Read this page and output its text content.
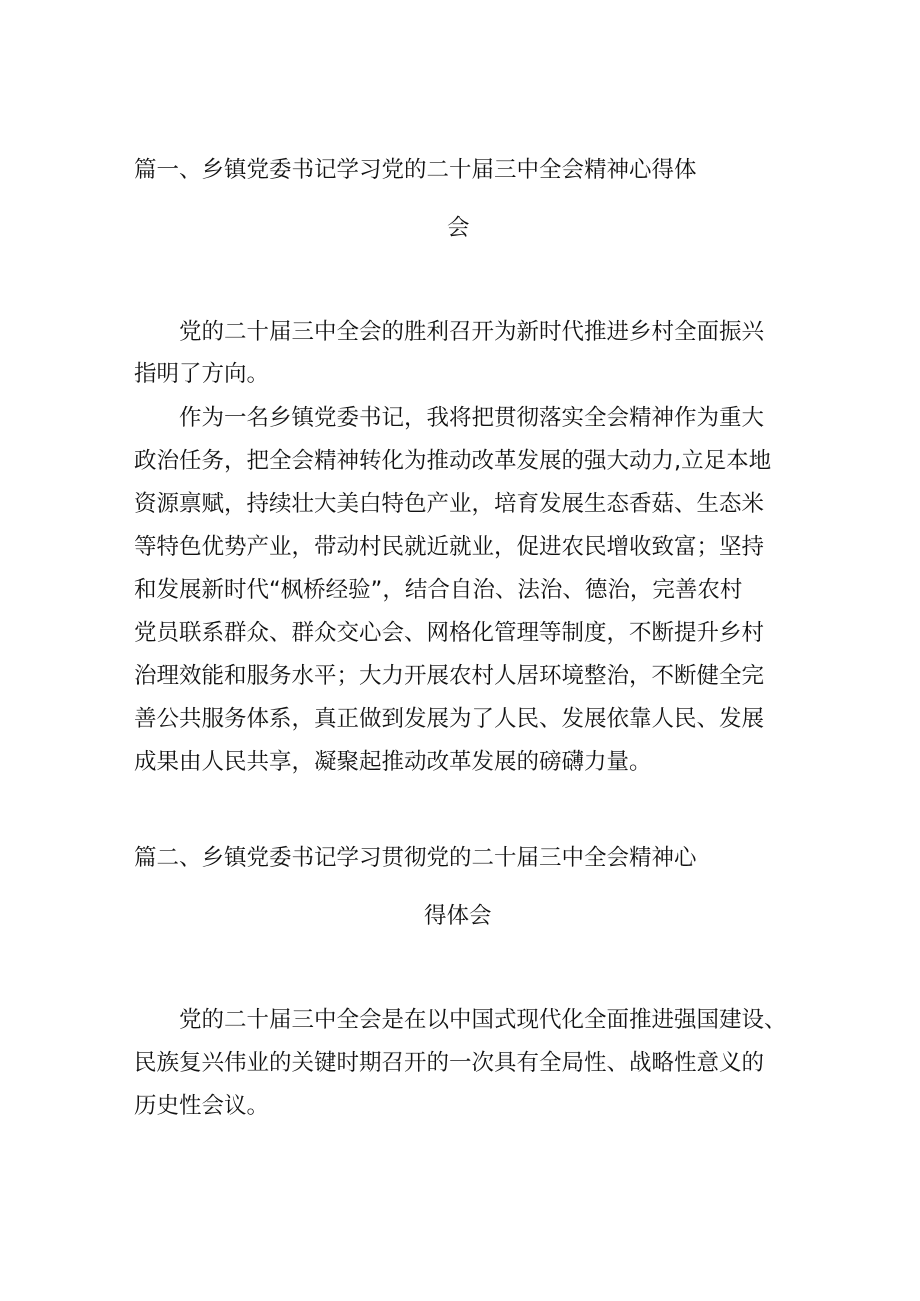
篇一、乡镇党委书记学习党的二十届三中全会精神心得体
会
　　党的二十届三中全会的胜利召开为新时代推进乡村全面振兴
指明了方向。
　　作为一名乡镇党委书记，我将把贯彻落实全会精神作为重大
政治任务，把全会精神转化为推动改革发展的强大动力,立足本地
资源禀赋，持续壮大美白特色产业，培育发展生态香菇、生态米
等特色优势产业，带动村民就近就业，促进农民增收致富；坚持
和发展新时代“枫桥经验”，结合自治、法治、德治，完善农村
党员联系群众、群众交心会、网格化管理等制度，不断提升乡村
治理效能和服务水平；大力开展农村人居环境整治，不断健全完
善公共服务体系，真正做到发展为了人民、发展依靠人民、发展
成果由人民共享，凝聚起推动改革发展的磅礴力量。
篇二、乡镇党委书记学习贯彻党的二十届三中全会精神心
得体会
　　党的二十届三中全会是在以中国式现代化全面推进强国建设、
民族复兴伟业的关键时期召开的一次具有全局性、战略性意义的
历史性会议。
